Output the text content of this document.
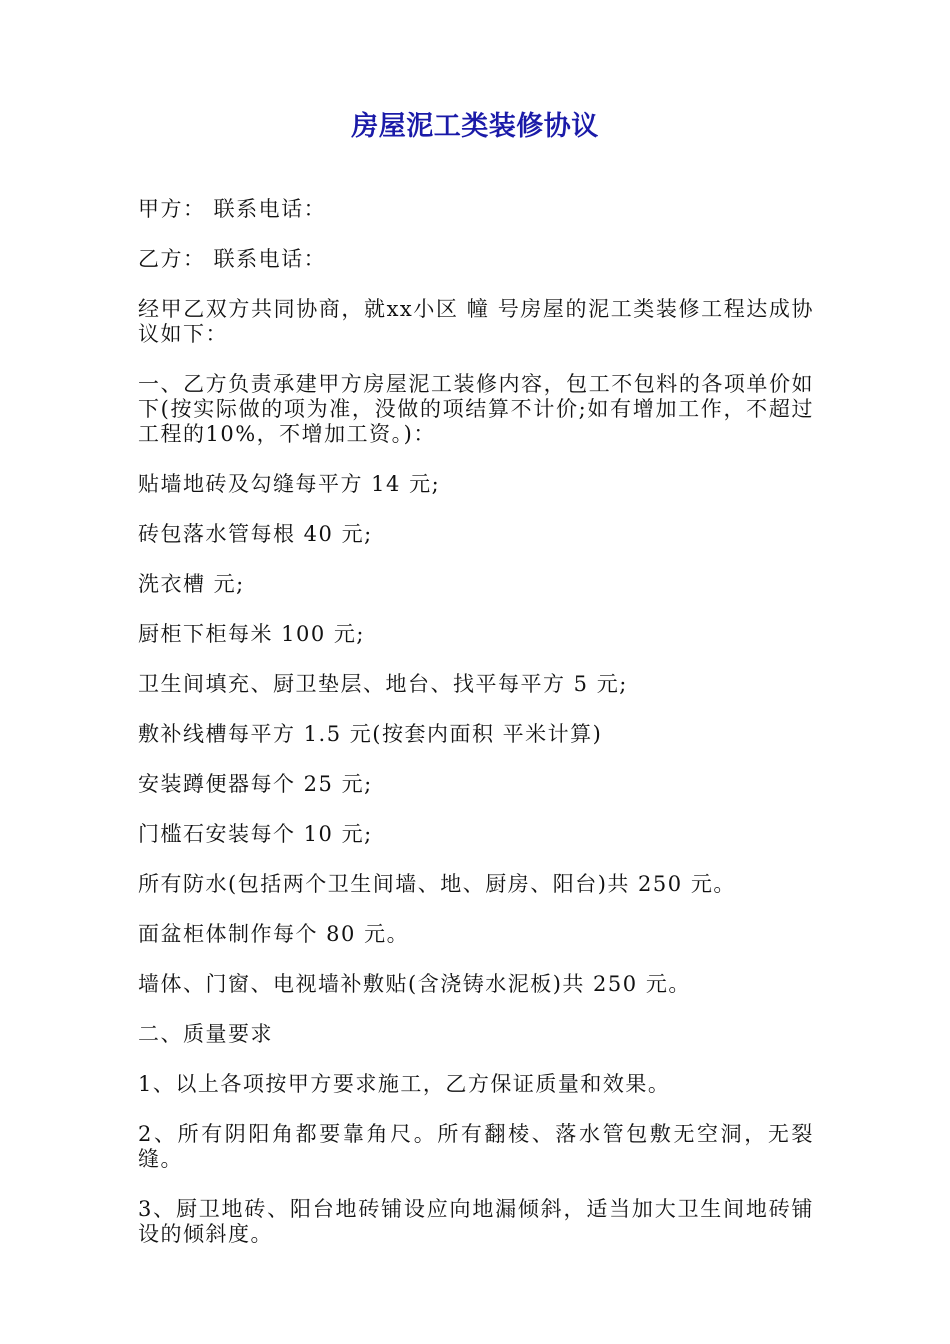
房屋泥工类装修协议

甲方： 联系电话：

乙方： 联系电话：

经甲乙双方共同协商，就xx小区 幢 号房屋的泥工类装修工程达成协议如下：

一、乙方负责承建甲方房屋泥工装修内容，包工不包料的各项单价如下(按实际做的项为准，没做的项结算不计价;如有增加工作，不超过工程的10%，不增加工资。)：

贴墙地砖及勾缝每平方 14 元;

砖包落水管每根 40 元;

洗衣槽 元;

厨柜下柜每米 100 元;

卫生间填充、厨卫垫层、地台、找平每平方 5 元;

敷补线槽每平方 1.5 元(按套内面积 平米计算)

安装蹲便器每个 25 元;

门槛石安装每个 10 元;

所有防水(包括两个卫生间墙、地、厨房、阳台)共 250 元。

面盆柜体制作每个 80 元。

墙体、门窗、电视墙补敷贴(含浇铸水泥板)共 250 元。

二、质量要求

1、以上各项按甲方要求施工，乙方保证质量和效果。

2、所有阴阳角都要靠角尺。所有翻棱、落水管包敷无空洞，无裂缝。

3、厨卫地砖、阳台地砖铺设应向地漏倾斜，适当加大卫生间地砖铺设的倾斜度。
